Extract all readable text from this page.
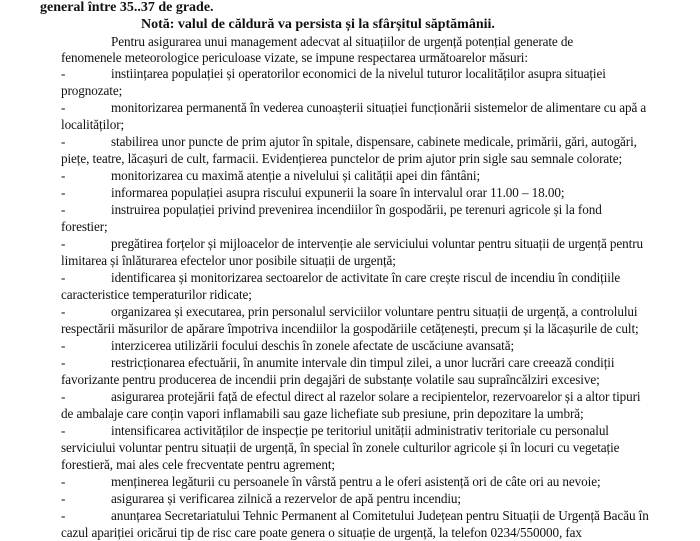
general între 35..37 de grade.
Notă: valul de căldură va persista și la sfârșitul săptămânii.
Pentru asigurarea unui management adecvat al situațiilor de urgență potențial generate de
fenomenele meteorologice periculoase vizate, se impune respectarea următoarelor măsuri:
-	instiințarea populației și operatorilor economici de la nivelul tuturor localităților asupra situației
prognozate;
-	monitorizarea permanentă în vederea cunoașterii situației funcționării sistemelor de alimentare cu apă a
localităților;
-	stabilirea unor puncte de prim ajutor în spitale, dispensare, cabinete medicale, primării, gări, autogări,
piețe, teatre, lăcașuri de cult, farmacii. Evidențierea punctelor de prim ajutor prin sigle sau semnale colorate;
-	monitorizarea cu maximă atenție a nivelului și calității apei din fântâni;
-	informarea populației asupra riscului expunerii la soare în intervalul orar 11.00 – 18.00;
-	instruirea populației privind prevenirea incendiilor în gospodării, pe terenuri agricole și la fond
forestier;
-	pregătirea forțelor și mijloacelor de intervenție ale serviciului voluntar pentru situații de urgență pentru
limitarea și înlăturarea efectelor unor posibile situații de urgență;
-	identificarea și monitorizarea sectoarelor de activitate în care crește riscul de incendiu în condițiile
caracteristice temperaturilor ridicate;
-	organizarea și executarea, prin personalul serviciilor voluntare pentru situații de urgență, a controlului
respectării măsurilor de apărare împotriva incendiilor la gospodăriile cetățenești, precum și la lăcașurile de cult;
-	interzicerea utilizării focului deschis în zonele afectate de uscăciune avansată;
-	restricționarea efectuării, în anumite intervale din timpul zilei, a unor lucrări care creează condiții
favorizante pentru producerea de incendii prin degajări de substanțe volatile sau supraîncălziri excesive;
-	asigurarea protejării față de efectul direct al razelor solare a recipientelor, rezervoarelor și a altor tipuri
de ambalaje care conțin vapori inflamabili sau gaze lichefiate sub presiune, prin depozitare la umbră;
-	intensificarea activităților de inspecție pe teritoriul unității administrativ teritoriale cu personalul
serviciului voluntar pentru situații de urgență, în special în zonele culturilor agricole și în locuri cu vegetație
forestieră, mai ales cele frecventate pentru agrement;
-	menținerea legăturii cu persoanele în vârstă pentru a le oferi asistență ori de câte ori au nevoie;
-	asigurarea și verificarea zilnică a rezervelor de apă pentru incendiu;
-	anunțarea Secretariatului Tehnic Permanent al Comitetului Județean pentru Situații de Urgență Bacău în
cazul apariției oricărui tip de risc care poate genera o situație de urgență, la telefon 0234/550000, fax
